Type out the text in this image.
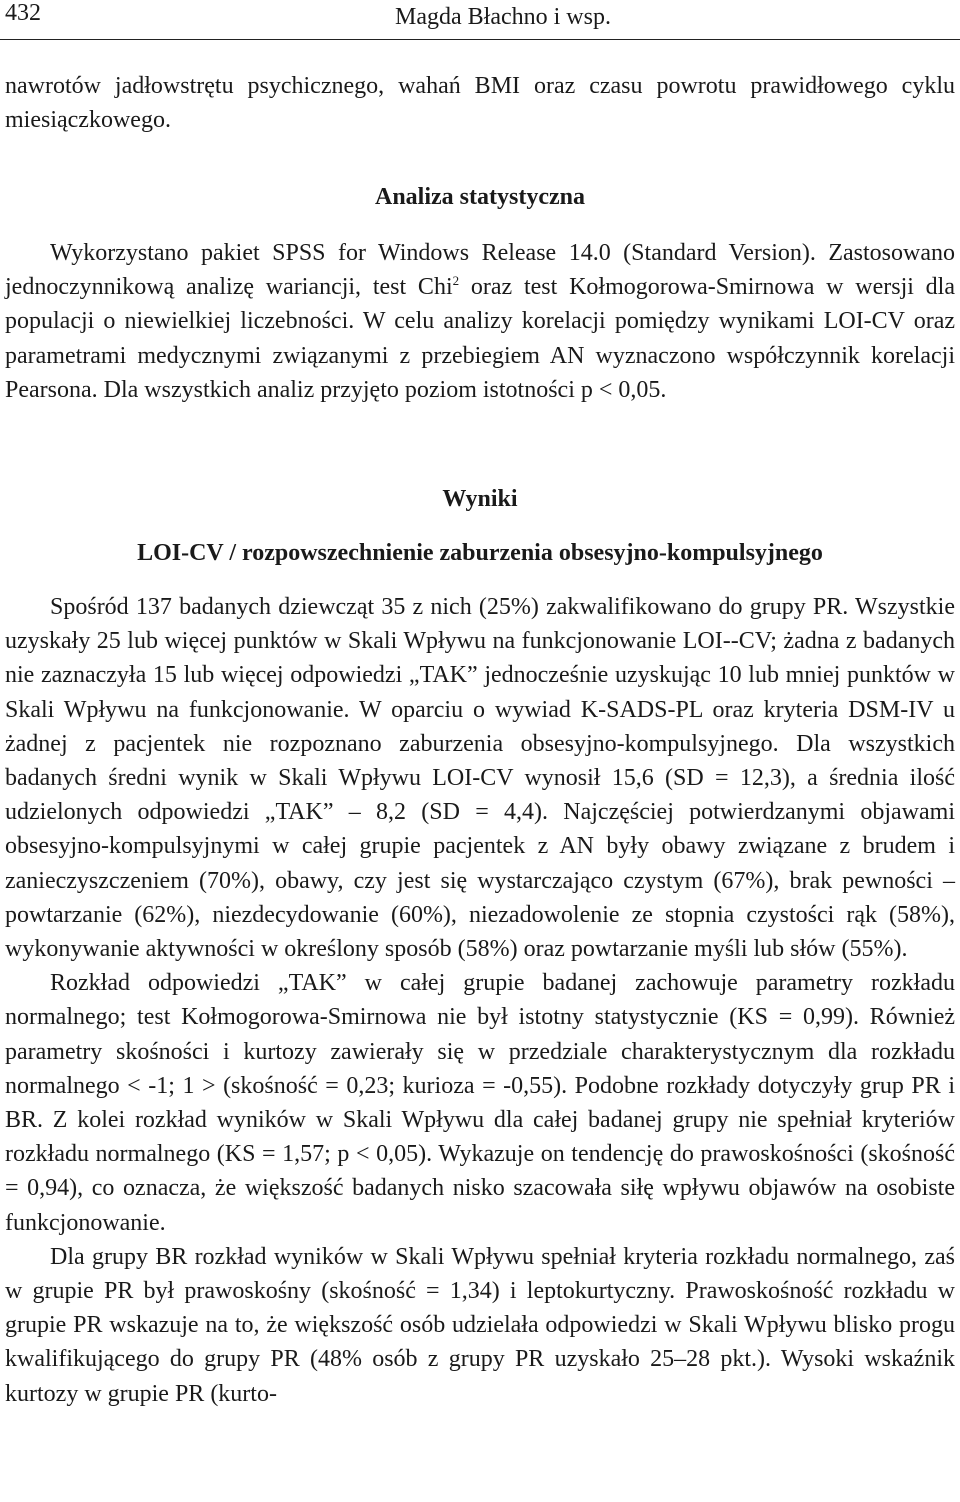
432	Magda Błachno i wsp.

nawrotów jadłowstrętu psychicznego, wahań BMI oraz czasu powrotu prawidłowego cyklu miesiączkowego.

Analiza statystyczna

Wykorzystano pakiet SPSS for Windows Release 14.0 (Standard Version). Zastosowano jednoczynnikową analizę wariancji, test Chi$^2$ oraz test Kołmogorowa-Smirnowa w wersji dla populacji o niewielkiej liczebności. W celu analizy korelacji pomiędzy wynikami LOI-CV oraz parametrami medycznymi związanymi z przebiegiem AN wyznaczono współczynnik korelacji Pearsona. Dla wszystkich analiz przyjęto poziom istotności p < 0,05.

Wyniki
LOI-CV / rozpowszechnienie zaburzenia obsesyjno-kompulsyjnego

Spośród 137 badanych dziewcząt 35 z nich (25%) zakwalifikowano do grupy PR. Wszystkie uzyskały 25 lub więcej punktów w Skali Wpływu na funkcjonowanie LOI--CV; żadna z badanych nie zaznaczyła 15 lub więcej odpowiedzi „TAK” jednocześnie uzyskując 10 lub mniej punktów w Skali Wpływu na funkcjonowanie. W oparciu o wywiad K-SADS-PL oraz kryteria DSM-IV u żadnej z pacjentek nie rozpoznano zaburzenia obsesyjno-kompulsyjnego. Dla wszystkich badanych średni wynik w Skali Wpływu LOI-CV wynosił 15,6 (SD = 12,3), a średnia ilość udzielonych odpowiedzi „TAK” – 8,2 (SD = 4,4). Najczęściej potwierdzanymi objawami obsesyjno-kompulsyjnymi w całej grupie pacjentek z AN były obawy związane z brudem i zanieczyszczeniem (70%), obawy, czy jest się wystarczająco czystym (67%), brak pewności – powtarzanie (62%), niezdecydowanie (60%), niezadowolenie ze stopnia czystości rąk (58%), wykonywanie aktywności w określony sposób (58%) oraz powtarzanie myśli lub słów (55%).

Rozkład odpowiedzi „TAK” w całej grupie badanej zachowuje parametry rozkładu normalnego; test Kołmogorowa-Smirnowa nie był istotny statystycznie (KS = 0,99). Również parametry skośności i kurtozy zawierały się w przedziale charakterystycznym dla rozkładu normalnego < -1; 1 > (skośność = 0,23; kurioza = -0,55). Podobne rozkłady dotyczyły grup PR i BR. Z kolei rozkład wyników w Skali Wpływu dla całej badanej grupy nie spełniał kryteriów rozkładu normalnego (KS = 1,57; p < 0,05). Wykazuje on tendencję do prawoskośności (skośność = 0,94), co oznacza, że większość badanych nisko szacowała siłę wpływu objawów na osobiste funkcjonowanie.

Dla grupy BR rozkład wyników w Skali Wpływu spełniał kryteria rozkładu normalnego, zaś w grupie PR był prawoskośny (skośność = 1,34) i leptokurtyczny. Prawoskośność rozkładu w grupie PR wskazuje na to, że większość osób udzielała odpowiedzi w Skali Wpływu blisko progu kwalifikującego do grupy PR (48% osób z grupy PR uzyskało 25–28 pkt.). Wysoki wskaźnik kurtozy w grupie PR (kurto-
